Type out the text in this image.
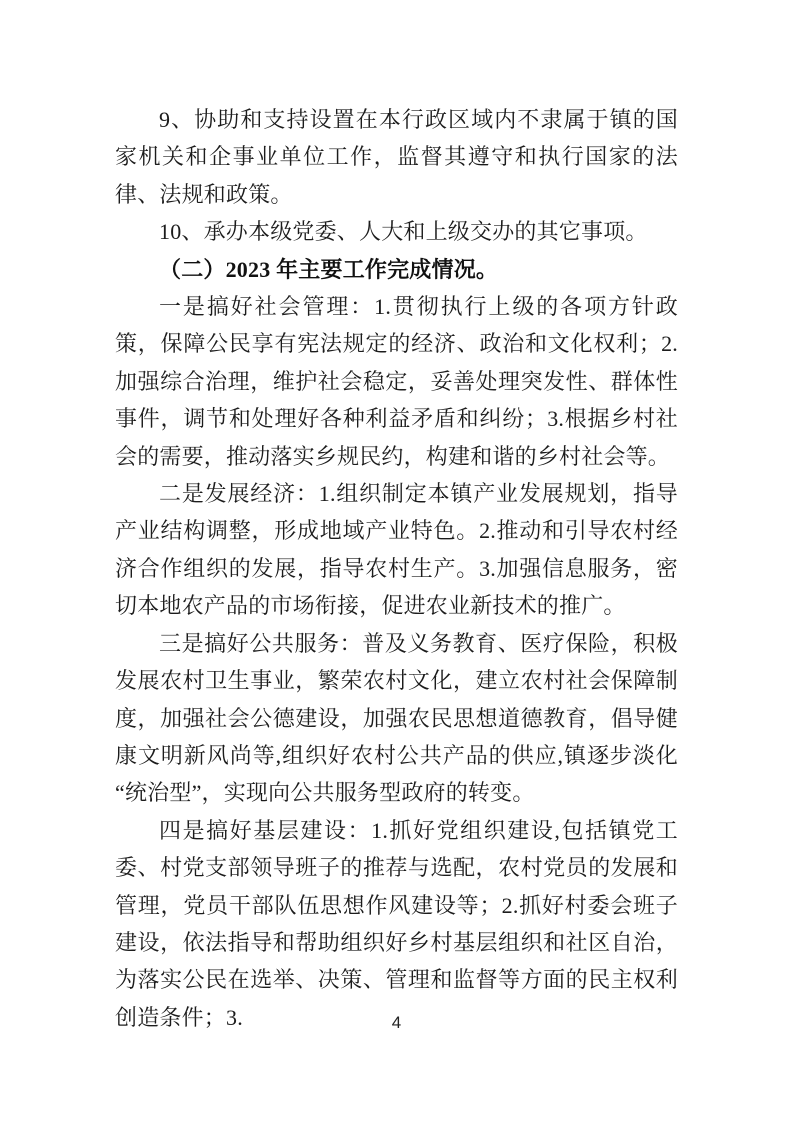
9、协助和支持设置在本行政区域内不隶属于镇的国家机关和企事业单位工作，监督其遵守和执行国家的法律、法规和政策。

10、承办本级党委、人大和上级交办的其它事项。

（二）2023 年主要工作完成情况。

一是搞好社会管理：1.贯彻执行上级的各项方针政策，保障公民享有宪法规定的经济、政治和文化权利；2.加强综合治理，维护社会稳定，妥善处理突发性、群体性事件，调节和处理好各种利益矛盾和纠纷；3.根据乡村社会的需要，推动落实乡规民约，构建和谐的乡村社会等。

二是发展经济：1.组织制定本镇产业发展规划，指导产业结构调整，形成地域产业特色。2.推动和引导农村经济合作组织的发展，指导农村生产。3.加强信息服务，密切本地农产品的市场衔接，促进农业新技术的推广。

三是搞好公共服务：普及义务教育、医疗保险，积极发展农村卫生事业，繁荣农村文化，建立农村社会保障制度，加强社会公德建设，加强农民思想道德教育，倡导健康文明新风尚等,组织好农村公共产品的供应,镇逐步淡化“统治型”，实现向公共服务型政府的转变。

四是搞好基层建设：1.抓好党组织建设,包括镇党工委、村党支部领导班子的推荐与选配，农村党员的发展和管理，党员干部队伍思想作风建设等；2.抓好村委会班子建设，依法指导和帮助组织好乡村基层组织和社区自治，为落实公民在选举、决策、管理和监督等方面的民主权利创造条件；3.	4
